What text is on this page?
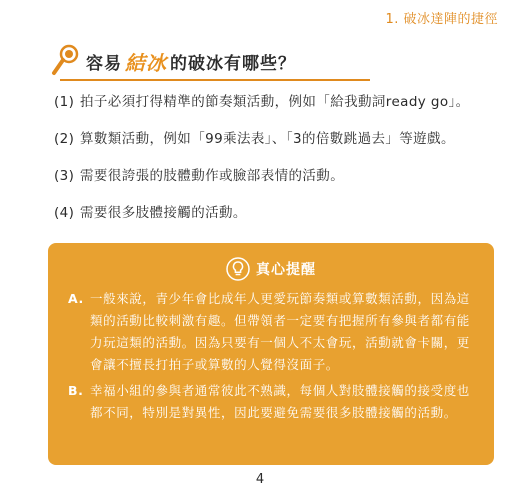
1. 破冰達陣的捷徑
容易 結冰 的破冰有哪些？
(1) 拍子必須打得精準的節奏類活動，例如「給我動詞ready go」。
(2) 算數類活動，例如「99乘法表」、「3的倍數跳過去」等遊戲。
(3) 需要很誇張的肢體動作或臉部表情的活動。
(4) 需要很多肢體接觸的活動。
真心提醒
A. 一般來說，青少年會比成年人更愛玩節奏類或算數類活動，因為這類的活動比較刺激有趣。但帶領者一定要有把握所有參與者都有能力玩這類的活動。因為只要有一個人不太會玩，活動就會卡關，更會讓不擅長打拍子或算數的人覺得沒面子。
B. 幸福小組的參與者通常彼此不熟識，每個人對肢體接觸的接受度也都不同，特別是對異性，因此要避免需要很多肢體接觸的活動。
4
